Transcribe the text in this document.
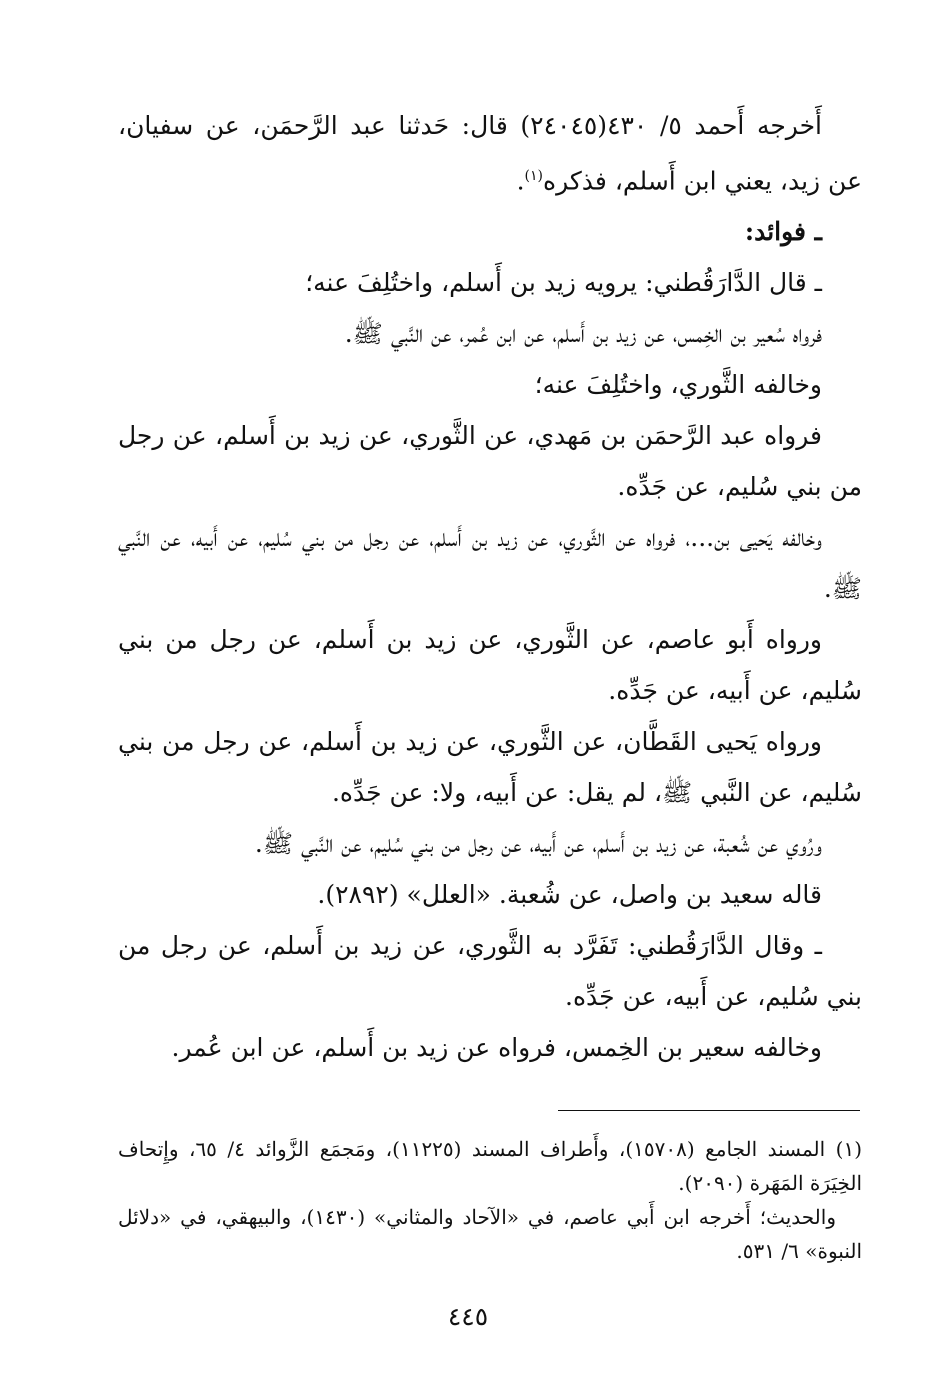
أَخرجه أَحمد ٥/ ٤٣٠(٢٤٠٤٥) قال: حَدثنا عبد الرَّحمَن، عن سفيان، عن زيد، يعني ابن أَسلم، فذكره$^{(١)}$.

ـ فوائد:

ـ قال الدَّارَقُطني: يرويه زيد بن أَسلم، واختُلِفَ عنه؛

فرواه سُعير بن الخِمس، عن زيد بن أَسلم، عن ابن عُمر، عن النَّبي ﷺ.

وخالفه الثَّوري، واختُلِفَ عنه؛

فرواه عبد الرَّحمَن بن مَهدي، عن الثَّوري، عن زيد بن أَسلم، عن رجل من بني سُليم، عن جَدِّه.

وخالفه يَحيى بن...، فرواه عن الثَّوري، عن زيد بن أَسلم، عن رجل من بني سُليم، عن أَبيه، عن النَّبي ﷺ.

ورواه أَبو عاصم، عن الثَّوري، عن زيد بن أَسلم، عن رجل من بني سُليم، عن أَبيه، عن جَدِّه.

ورواه يَحيى القَطَّان، عن الثَّوري، عن زيد بن أَسلم، عن رجل من بني سُليم، عن النَّبي ﷺ، لم يقل: عن أَبيه، ولا: عن جَدِّه.

ورُوي عن شُعبة، عن زيد بن أَسلم، عن أَبيه، عن رجل من بني سُليم، عن النَّبي ﷺ.

قاله سعيد بن واصل، عن شُعبة. «العلل» (٢٨٩٢).

ـ وقال الدَّارَقُطني: تَفَرَّد به الثَّوري، عن زيد بن أَسلم، عن رجل من بني سُليم، عن أَبيه، عن جَدِّه.

وخالفه سعير بن الخِمس، فرواه عن زيد بن أَسلم، عن ابن عُمر.

(١) المسند الجامع (١٥٧٠٨)، وأَطراف المسند (١١٢٢٥)، ومَجمَع الزَّوائد ٤/ ٦٥، وإِتحاف الخِيَرَة المَهَرة (٢٠٩٠).

والحديث؛ أَخرجه ابن أَبي عاصم، في «الآحاد والمثاني» (١٤٣٠)، والبيهقي، في «دلائل النبوة» ٦/ ٥٣١.

٤٤٥
